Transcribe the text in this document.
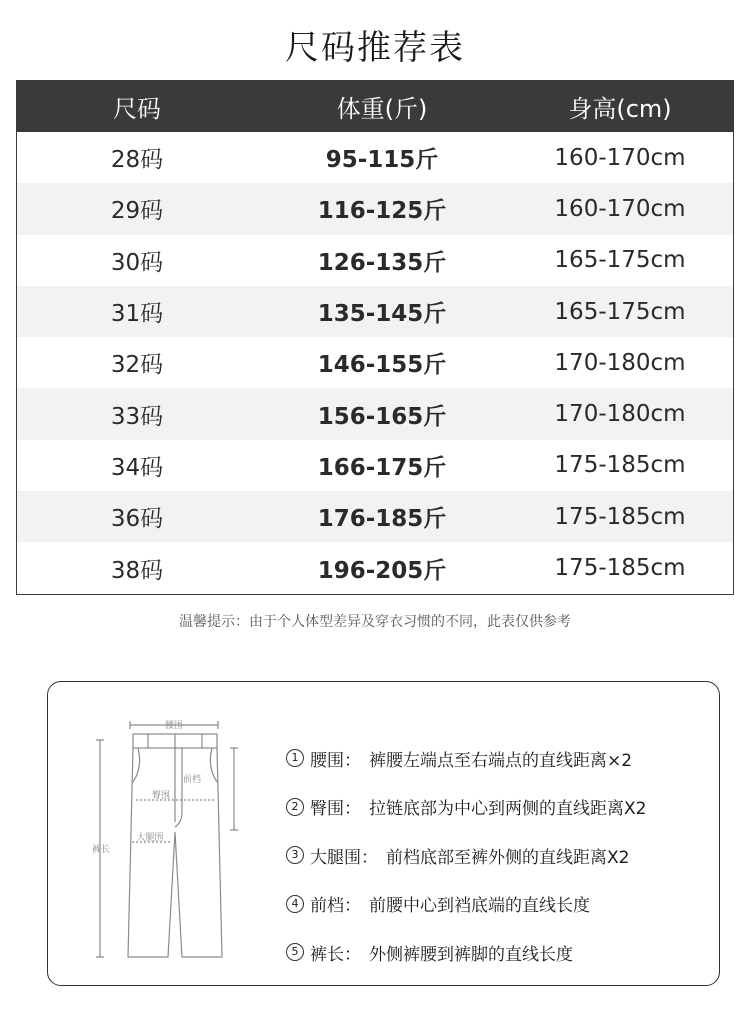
尺码推荐表
尺码	体重(斤)	身高(cm)
28码	95-115斤	160-170cm
29码	116-125斤	160-170cm
30码	126-135斤	165-175cm
31码	135-145斤	165-175cm
32码	146-155斤	170-180cm
33码	156-165斤	170-180cm
34码	166-175斤	175-185cm
36码	176-185斤	175-185cm
38码	196-205斤	175-185cm
温馨提示：由于个人体型差异及穿衣习惯的不同，此表仅供参考
腰围
臀围
前档
大腿围
裤长
1 腰围： 裤腰左端点至右端点的直线距离×2
2 臀围： 拉链底部为中心到两侧的直线距离X2
3 大腿围： 前档底部至裤外侧的直线距离X2
4 前档： 前腰中心到裆底端的直线长度
5 裤长： 外侧裤腰到裤脚的直线长度
